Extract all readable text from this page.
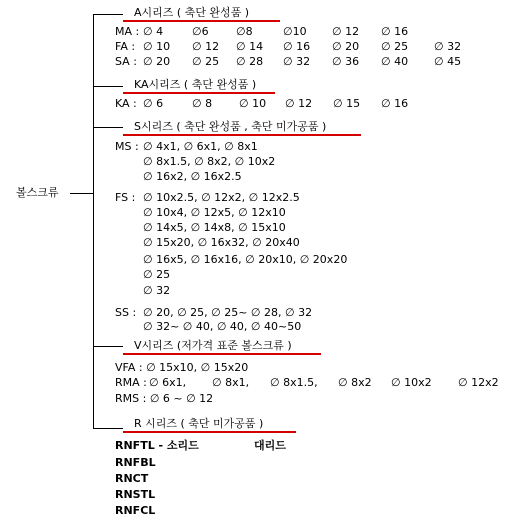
볼스크류
A시리즈 ( 축단 완성품 )
MA : ∅ 4	∅6 ∅8	∅10 ∅ 12 ∅ 16
FA : ∅ 10 ∅ 12 ∅ 14 ∅ 16 ∅ 20 ∅ 25 ∅ 32
SA : ∅ 20 ∅ 25 ∅ 28 ∅ 32 ∅ 36 ∅ 40 ∅ 45
KA시리즈 ( 축단 완성품 )
KA : ∅ 6	∅ 8 ∅ 10 ∅ 12 ∅ 15 ∅ 16
S시리즈 ( 축단 완성품 , 축단 미가공품 )
MS : ∅ 4x1, ∅ 6x1, ∅ 8x1
∅ 8x1.5, ∅ 8x2, ∅ 10x2
∅ 16x2, ∅ 16x2.5
FS : ∅ 10x2.5, ∅ 12x2, ∅ 12x2.5
∅ 10x4, ∅ 12x5, ∅ 12x10
∅ 14x5, ∅ 14x8, ∅ 15x10
∅ 15x20, ∅ 16x32, ∅ 20x40
∅ 16x5, ∅ 16x16, ∅ 20x10, ∅ 20x20
∅ 25
∅ 32
SS : ∅ 20, ∅ 25, ∅ 25~ ∅ 28, ∅ 32
∅ 32~ ∅ 40, ∅ 40, ∅ 40~50
V시리즈 (저가격 표준 볼스크류 )
VFA : ∅ 15x10, ∅ 15x20
RMA : ∅ 6x1, ∅ 8x1, ∅ 8x1.5, ∅ 8x2 ∅ 10x2 ∅ 12x2
RMS : ∅ 6 ~ ∅ 12
R 시리즈 ( 축단 미가공품 )
RNFTL - 소리드	대리드
RNFBL
RNCT
RNSTL
RNFCL
